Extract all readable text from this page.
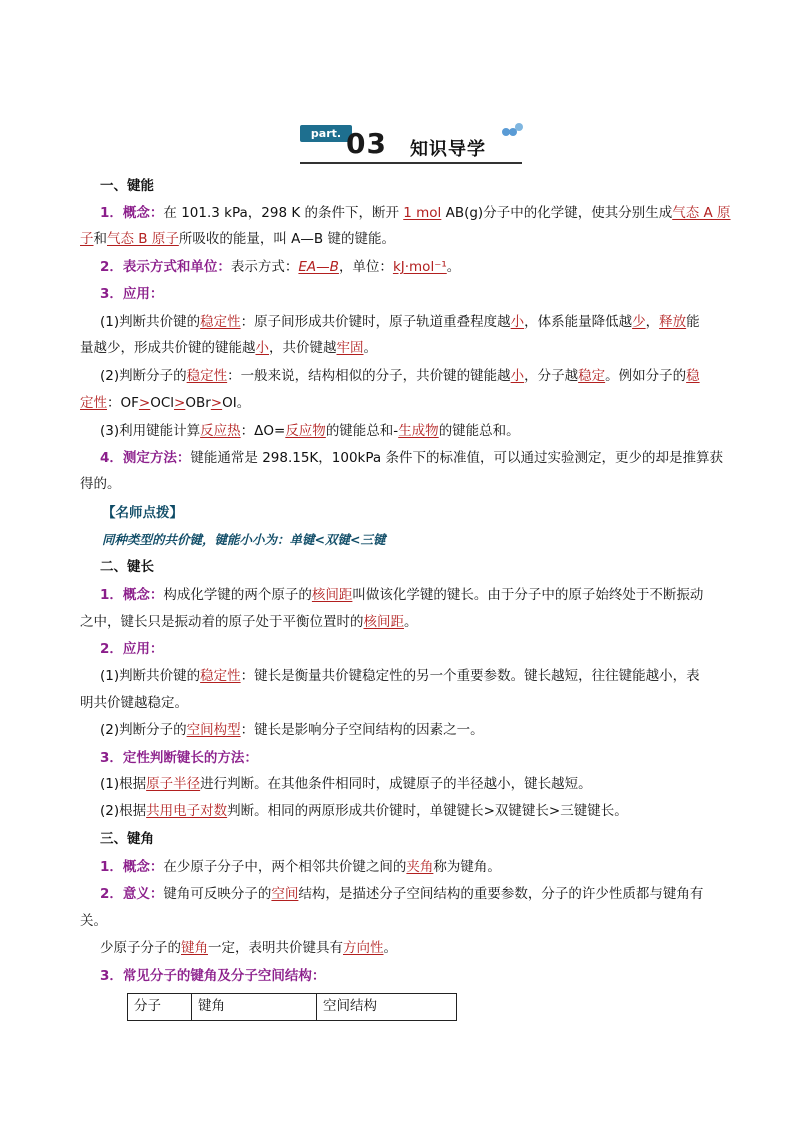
part. 03 知识导学
一、键能
1．概念：在 101.3 kPa，298 K 的条件下，断开 1 mol AB(g)分子中的化学键，使其分别生成气态 A 原
子和气态 B 原子所吸收的能量，叫 A—B 键的键能。
2．表示方式和单位：表示方式：EA—B，单位：kJ·mol⁻¹。
3．应用：
(1)判断共价键的稳定性：原子间形成共价键时，原子轨道重叠程度越小，体系能量降低越少，释放能
量越少，形成共价键的键能越小，共价键越牢固。
(2)判断分子的稳定性：一般来说，结构相似的分子，共价键的键能越小，分子越稳定。例如分子的稳
定性：OF>OCl>OBr>OI。
(3)利用键能计算反应热：ΔO=反应物的键能总和-生成物的键能总和。
4．测定方法：键能通常是 298.15K，100kPa 条件下的标准值，可以通过实验测定，更少的却是推算获
得的。
【名师点拨】
同种类型的共价键，键能小小为：单键<双键<三键
二、键长
1．概念：构成化学键的两个原子的核间距叫做该化学键的键长。由于分子中的原子始终处于不断振动
之中，键长只是振动着的原子处于平衡位置时的核间距。
2．应用：
(1)判断共价键的稳定性：键长是衡量共价键稳定性的另一个重要参数。键长越短，往往键能越小，表
明共价键越稳定。
(2)判断分子的空间构型：键长是影响分子空间结构的因素之一。
3．定性判断键长的方法：
(1)根据原子半径进行判断。在其他条件相同时，成键原子的半径越小，键长越短。
(2)根据共用电子对数判断。相同的两原形成共价键时，单键键长>双键键长>三键键长。
三、键角
1．概念：在少原子分子中，两个相邻共价键之间的夹角称为键角。
2．意义：键角可反映分子的空间结构，是描述分子空间结构的重要参数，分子的许少性质都与键角有
关。
少原子分子的键角一定，表明共价键具有方向性。
3．常见分子的键角及分子空间结构：
分子	键角	空间结构
